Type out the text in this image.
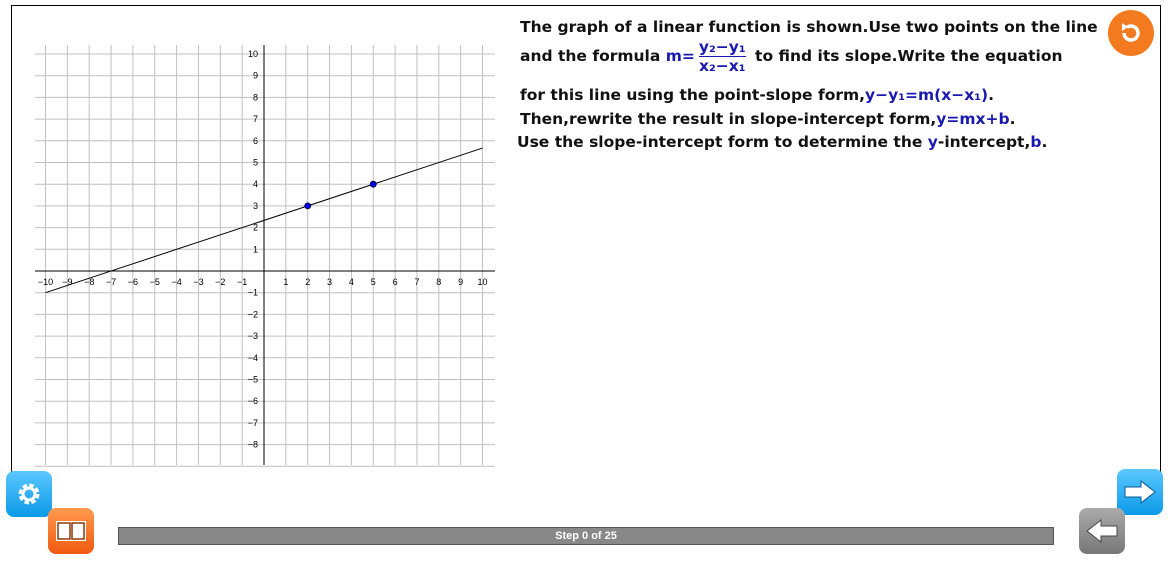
−10 −9 −8 −7 −6 −5 −4 −3 −2 −1	1 2 3 4 5 6 7 8 9 10
−8
−7
−6
−5
−4
−3
−2
−1
1
2
3
4
5
6
7
8
9
10
The graph of a linear function is shown.Use two points on the line
and the formula $m= \frac{\text{y₂−y₁}}{\text{x₂−x₁}}$ to find its slope.Write the equation
for this line using the point-slope form,y−y₁=m(x−x₁).
Then,rewrite the result in slope-intercept form,y=mx+b.
Use the slope-intercept form to determine the y-intercept,b.
Step 0 of 25
